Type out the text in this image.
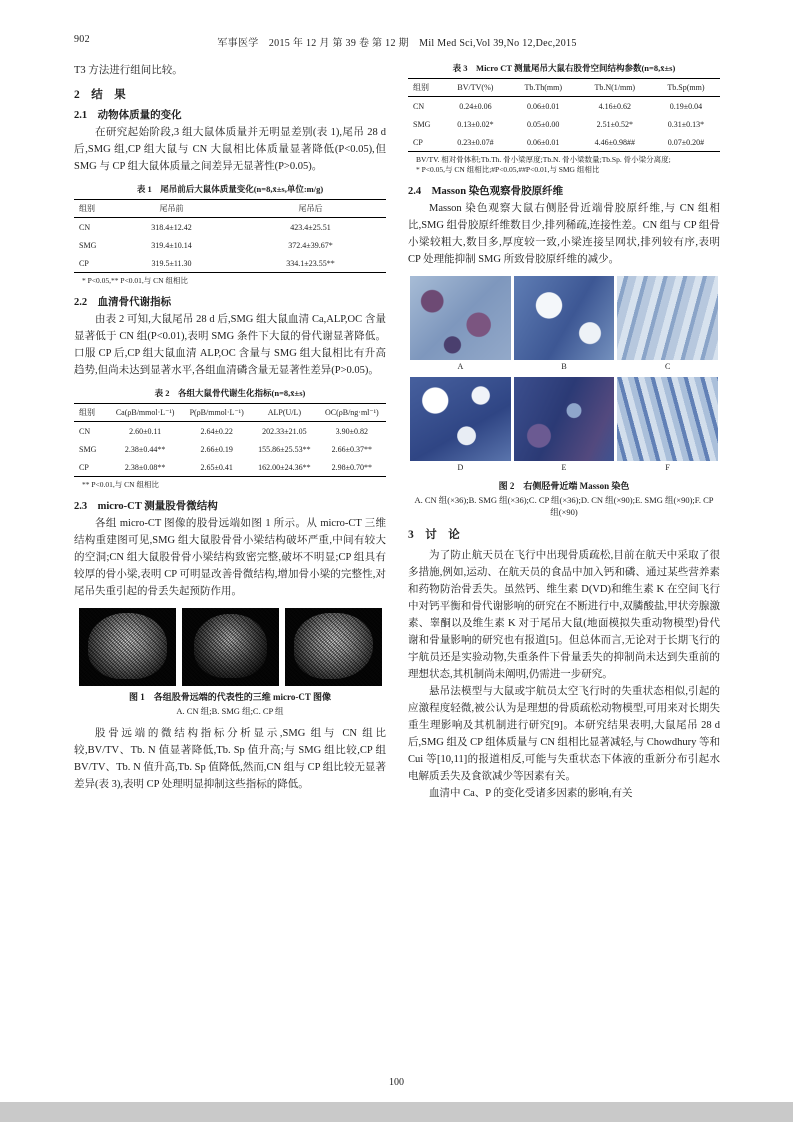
902	军事医学　2015 年 12 月 第 39 卷 第 12 期　Mil Med Sci,Vol 39,No 12,Dec,2015

T3 方法进行组间比较。

2　结　果
2.1　动物体质量的变化

在研究起始阶段,3 组大鼠体质量并无明显差别(表 1),尾吊 28 d 后,SMG 组,CP 组大鼠与 CN 大鼠相比体质量显著降低(P<0.05),但 SMG 与 CP 组大鼠体质量之间差异无显著性(P>0.05)。

表 1　尾吊前后大鼠体质量变化(n=8,x̄±s,单位:m/g)
组别	尾吊前	尾吊后
CN	318.4±12.42	423.4±25.51
SMG	319.4±10.14	372.4±39.67*
CP	319.5±11.30	334.1±23.55**
* P<0.05,** P<0.01,与 CN 组相比
2.2　血清骨代谢指标

由表 2 可知,大鼠尾吊 28 d 后,SMG 组大鼠血清 Ca,ALP,OC 含量显著低于 CN 组(P<0.01),表明 SMG 条件下大鼠的骨代谢显著降低。口服 CP 后,CP 组大鼠血清 ALP,OC 含量与 SMG 组大鼠相比有升高趋势,但尚未达到显著水平,各组血清磷含量无显著性差异(P>0.05)。

表 2　各组大鼠骨代谢生化指标(n=8,x̄±s)
组别	Ca(ρB/mmol·L⁻¹)	P(ρB/mmol·L⁻¹)	ALP(U/L)	OC(ρB/ng·ml⁻¹)
CN	2.60±0.11	2.64±0.22	202.33±21.05	3.90±0.82
SMG	2.38±0.44**	2.66±0.19	155.86±25.53**	2.66±0.37**
CP	2.38±0.08**	2.65±0.41	162.00±24.36**	2.98±0.70**
** P<0.01,与 CN 组相比
2.3　micro-CT 测量股骨微结构

各组 micro-CT 图像的股骨远端如图 1 所示。从 micro-CT 三维结构重建图可见,SMG 组大鼠股骨骨小梁结构破坏严重,中间有较大的空洞;CN 组大鼠股骨骨小梁结构致密完整,破坏不明显;CP 组具有较厚的骨小梁,表明 CP 可明显改善骨微结构,增加骨小梁的完整性,对尾吊失重引起的骨丢失起预防作用。

图 1　各组股骨远端的代表性的三维 micro-CT 图像
A. CN 组;B. SMG 组;C. CP 组

股骨远端的微结构指标分析显示,SMG 组与 CN 组比较,BV/TV、Tb. N 值显著降低,Tb. Sp 值升高;与 SMG 组比较,CP 组 BV/TV、Tb. N 值升高,Tb. Sp 值降低,然而,CN 组与 CP 组比较无显著差异(表 3),表明 CP 处理明显抑制这些指标的降低。

表 3　Micro CT 测量尾吊大鼠右股骨空间结构参数(n=8,x̄±s)
组别	BV/TV(%)	Tb.Th(mm)	Tb.N(1/mm)	Tb.Sp(mm)
CN	0.24±0.06	0.06±0.01	4.16±0.62	0.19±0.04
SMG	0.13±0.02*	0.05±0.00	2.51±0.52*	0.31±0.13*
CP	0.23±0.07#	0.06±0.01	4.46±0.98##	0.07±0.20#
BV/TV. 相对骨体积;Tb.Th. 骨小梁厚度;Tb.N. 骨小梁数量;Tb.Sp. 骨小梁分离度;
* P<0.05,与 CN 组相比;#P<0.05,##P<0.01,与 SMG 组相比
2.4　Masson 染色观察骨胶原纤维

Masson 染色观察大鼠右侧胫骨近端骨胶原纤维,与 CN 组相比,SMG 组骨胶原纤维数目少,排列稀疏,连接性差。CN 组与 CP 组骨小梁较粗大,数目多,厚度较一致,小梁连接呈网状,排列较有序,表明 CP 处理能抑制 SMG 所致骨胶原纤维的减少。

A	B	C
D	E	F
图 2　右侧胫骨近端 Masson 染色
A. CN 组(×36);B. SMG 组(×36);C. CP 组(×36);D. CN 组(×90);E. SMG 组(×90);F. CP 组(×90)
3　讨　论

为了防止航天员在飞行中出现骨质疏松,目前在航天中采取了很多措施,例如,运动、在航天员的食品中加入钙和磷、通过某些营养素和药物防治骨丢失。虽然钙、维生素 D(VD)和维生素 K 在空间飞行中对钙平衡和骨代谢影响的研究在不断进行中,双膦酸盐,甲状旁腺激素、睾酮以及维生素 K 对于尾吊大鼠(地面模拟失重动物模型)骨代谢和骨量影响的研究也有报道[5]。但总体而言,无论对于长期飞行的宇航员还是实验动物,失重条件下骨量丢失的抑制尚未达到失重前的理想状态,其机制尚未阐明,仍需进一步研究。

悬吊法模型与大鼠或宇航员太空飞行时的失重状态相似,引起的应激程度轻微,被公认为是理想的骨质疏松动物模型,可用来对长期失重生理影响及其机制进行研究[9]。本研究结果表明,大鼠尾吊 28 d 后,SMG 组及 CP 组体质量与 CN 组相比显著减轻,与 Chowdhury 等和 Cui 等[10,11]的报道相反,可能与失重状态下体液的重新分布引起水电解质丢失及食欲减少等因素有关。

血清中 Ca、P 的变化受诸多因素的影响,有关

100
